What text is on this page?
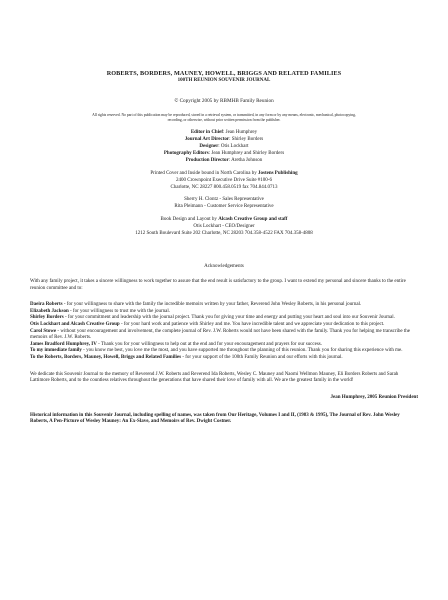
ROBERTS, BORDERS, MAUNEY, HOWELL, BRIGGS AND RELATED FAMILIES
100TH REUNION SOUVENIR JOURNAL
© Copyright 2005 by RBMHB Family Reunion
All rights reserved. No part of this publication may be reproduced, stored in a retrieval system, or transmitted, in any form or by any means, electronic, mechanical, photocopying, recording, or otherwise, without prior written permission from the publisher.
Editor in Chief: Jean Humphrey
Journal Art Director: Shirley Borders
Designer: Otis Lockhart
Photography Editors: Jean Humphrey and Shirley Borders
Production Director: Aretha Johnson
Printed Cover and Inside bound in North Carolina by Jostens Publishing
2400 Crownpoint Executive Drive Suite #100-6
Charlotte, NC 28227 800.458.0519 fax 704.844.0713
Sherry H. Clontz - Sales Representative
Rita Pleimann - Customer Service Representative
Book Design and Layout by Alcash Creative Group and staff
Otis Lockhart - CEO/Designer
1212 South Boulevard Suite 202 Charlotte, NC 28203 704.358-4522 FAX 704.358-4808
Acknowledgements
With any family project, it takes a sincere willingness to work together to assure that the end result is satisfactory to the group. I want to extend my personal and sincere thanks to the entire reunion committee and to:

Daeira Roberts - for your willingness to share with the family the incredible memoirs written by your father, Reverend John Wesley Roberts, in his personal journal.

Elizabeth Jackson - for your willingness to trust me with the journal.

Shirley Borders - for your commitment and leadership with the journal project. Thank you for giving your time and energy and putting your heart and soul into our Souvenir Journal.

Otis Lockhart and Alcash Creative Group - for your hard work and patience with Shirley and me. You have incredible talent and we appreciate your dedication to this project.

Carol Stowe - without your encouragement and involvement, the complete journal of Rev. J.W. Roberts would not have been shared with the family. Thank you for helping me transcribe the memoirs of Rev. J.W. Roberts.

James Bradford Humphrey, IV - Thank you for your willingness to help out at the end and for your encouragement and prayers for our success.

To my immediate family - you know me best, you love me the most, and you have supported me throughout the planning of this reunion. Thank you for sharing this experience with me.

To the Roberts, Borders, Mauney, Howell, Briggs and Related Families - for your support of the 100th Family Reunion and our efforts with this journal.

We dedicate this Souvenir Journal to the memory of Reverend J.W. Roberts and Reverend Ida Roberts, Wesley C. Mauney and Naomi Wellmon Mauney, Eli Borders Roberts and Sarah Lattimore Roberts, and to the countless relatives throughout the generations that have shared their love of family with all. We are the greatest family in the world!
Jean Humphrey, 2005 Reunion President
Historical information in this Souvenir Journal, including spelling of names, was taken from Our Heritage, Volumes I and II, (1983 & 1995), The Journal of Rev. John Wesley Roberts, A Pen-Picture of Wesley Mauney: An Ex-Slave, and Memoirs of Rev. Dwight Costner.
